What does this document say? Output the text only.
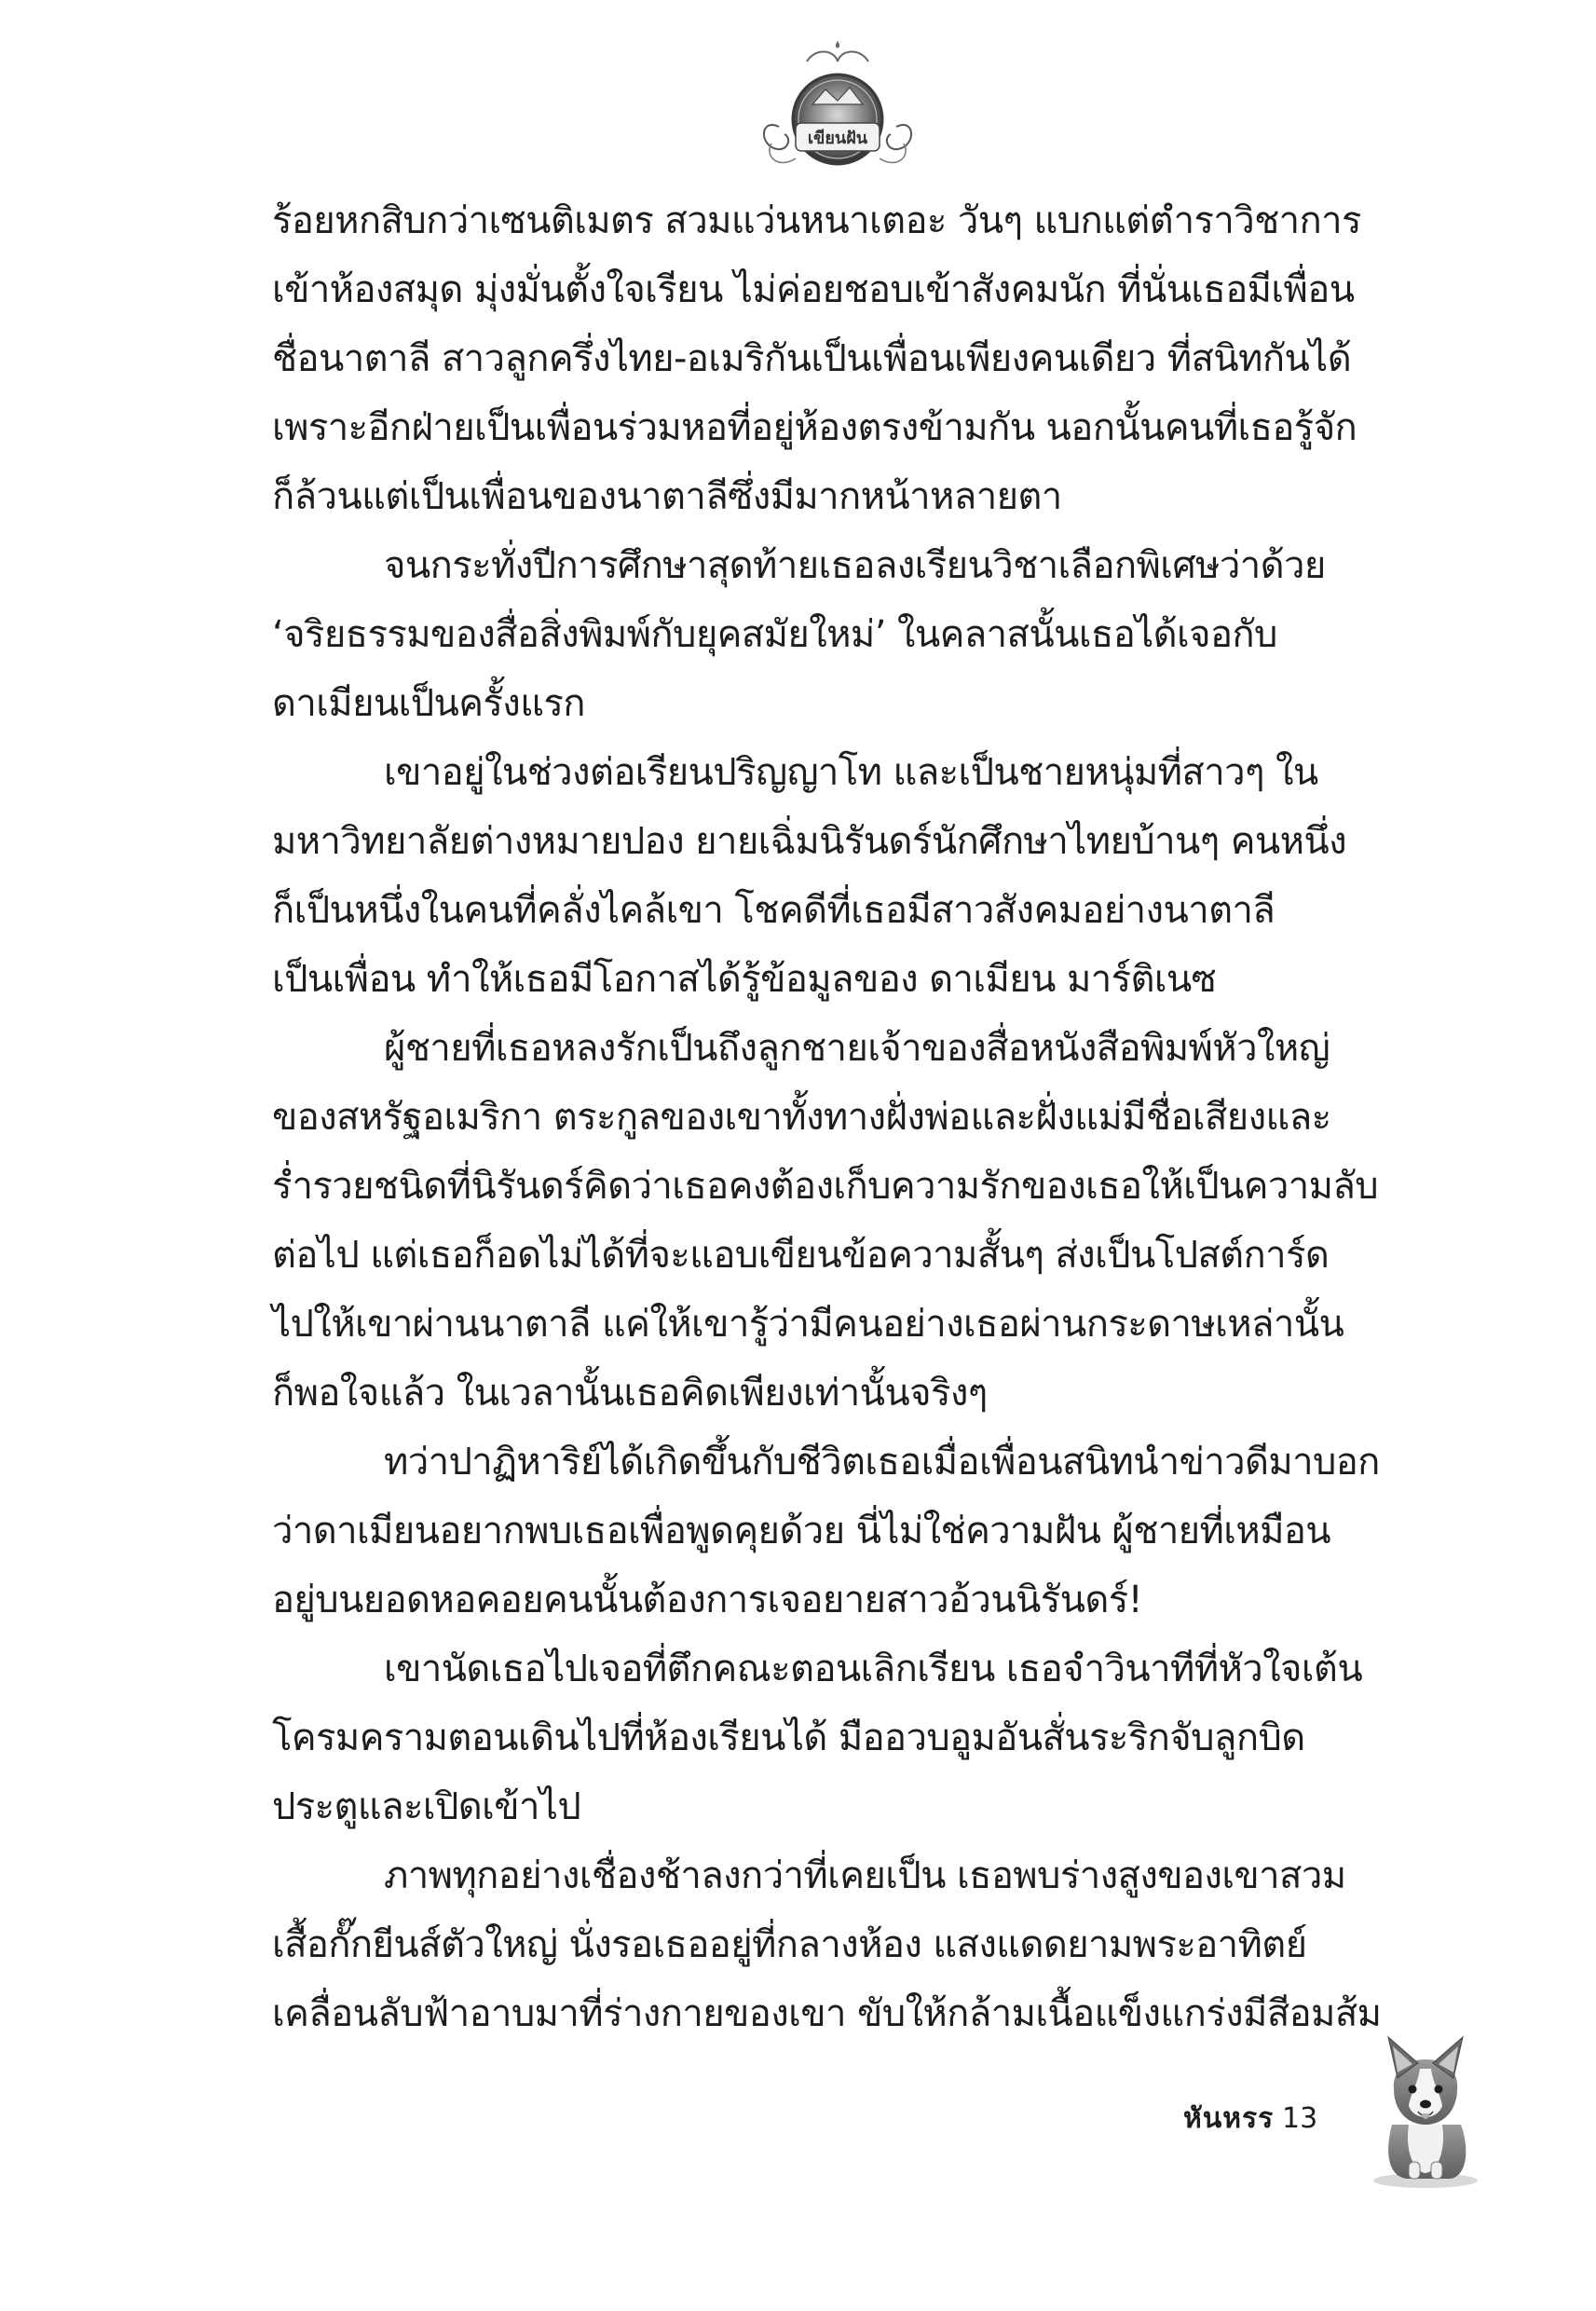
เขียนฝัน
ร้อยหกสิบกว่าเซนติเมตร สวมแว่นหนาเตอะ วันๆ แบกแต่ตำราวิชาการ
เข้าห้องสมุด มุ่งมั่นตั้งใจเรียน ไม่ค่อยชอบเข้าสังคมนัก ที่นั่นเธอมีเพื่อน
ชื่อนาตาลี สาวลูกครึ่งไทย-อเมริกันเป็นเพื่อนเพียงคนเดียว ที่สนิทกันได้
เพราะอีกฝ่ายเป็นเพื่อนร่วมหอที่อยู่ห้องตรงข้ามกัน นอกนั้นคนที่เธอรู้จัก
ก็ล้วนแต่เป็นเพื่อนของนาตาลีซึ่งมีมากหน้าหลายตา
จนกระทั่งปีการศึกษาสุดท้ายเธอลงเรียนวิชาเลือกพิเศษว่าด้วย
‘จริยธรรมของสื่อสิ่งพิมพ์กับยุคสมัยใหม่’ ในคลาสนั้นเธอได้เจอกับ
ดาเมียนเป็นครั้งแรก
เขาอยู่ในช่วงต่อเรียนปริญญาโท และเป็นชายหนุ่มที่สาวๆ ใน
มหาวิทยาลัยต่างหมายปอง ยายเฉิ่มนิรันดร์นักศึกษาไทยบ้านๆ คนหนึ่ง
ก็เป็นหนึ่งในคนที่คลั่งไคล้เขา โชคดีที่เธอมีสาวสังคมอย่างนาตาลี
เป็นเพื่อน ทำให้เธอมีโอกาสได้รู้ข้อมูลของ ดาเมียน มาร์ติเนซ
ผู้ชายที่เธอหลงรักเป็นถึงลูกชายเจ้าของสื่อหนังสือพิมพ์หัวใหญ่
ของสหรัฐอเมริกา ตระกูลของเขาทั้งทางฝั่งพ่อและฝั่งแม่มีชื่อเสียงและ
ร่ำรวยชนิดที่นิรันดร์คิดว่าเธอคงต้องเก็บความรักของเธอให้เป็นความลับ
ต่อไป แต่เธอก็อดไม่ได้ที่จะแอบเขียนข้อความสั้นๆ ส่งเป็นโปสต์การ์ด
ไปให้เขาผ่านนาตาลี แค่ให้เขารู้ว่ามีคนอย่างเธอผ่านกระดาษเหล่านั้น
ก็พอใจแล้ว ในเวลานั้นเธอคิดเพียงเท่านั้นจริงๆ
ทว่าปาฏิหาริย์ได้เกิดขึ้นกับชีวิตเธอเมื่อเพื่อนสนิทนำข่าวดีมาบอก
ว่าดาเมียนอยากพบเธอเพื่อพูดคุยด้วย นี่ไม่ใช่ความฝัน ผู้ชายที่เหมือน
อยู่บนยอดหอคอยคนนั้นต้องการเจอยายสาวอ้วนนิรันดร์!
เขานัดเธอไปเจอที่ตึกคณะตอนเลิกเรียน เธอจำวินาทีที่หัวใจเต้น
โครมครามตอนเดินไปที่ห้องเรียนได้ มืออวบอูมอันสั่นระริกจับลูกบิด
ประตูและเปิดเข้าไป
ภาพทุกอย่างเชื่องช้าลงกว่าที่เคยเป็น เธอพบร่างสูงของเขาสวม
เสื้อกั๊กยีนส์ตัวใหญ่ นั่งรอเธออยู่ที่กลางห้อง แสงแดดยามพระอาทิตย์
เคลื่อนลับฟ้าอาบมาที่ร่างกายของเขา ขับให้กล้ามเนื้อแข็งแกร่งมีสีอมส้ม
หันหรร 13
